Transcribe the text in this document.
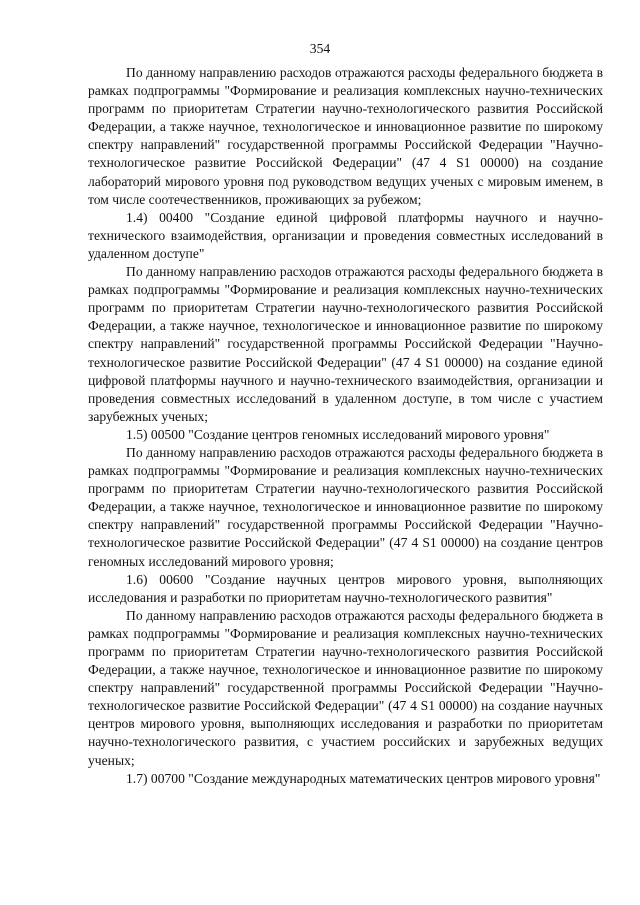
354

По данному направлению расходов отражаются расходы федерального бюджета в рамках подпрограммы "Формирование и реализация комплексных научно-технических программ по приоритетам Стратегии научно-технологического развития Российской Федерации, а также научное, технологическое и инновационное развитие по широкому спектру направлений" государственной программы Российской Федерации "Научно-технологическое развитие Российской Федерации" (47 4 S1 00000) на создание лабораторий мирового уровня под руководством ведущих ученых с мировым именем, в том числе соотечественников, проживающих за рубежом;

1.4) 00400 "Создание единой цифровой платформы научного и научно-технического взаимодействия, организации и проведения совместных исследований в удаленном доступе"

По данному направлению расходов отражаются расходы федерального бюджета в рамках подпрограммы "Формирование и реализация комплексных научно-технических программ по приоритетам Стратегии научно-технологического развития Российской Федерации, а также научное, технологическое и инновационное развитие по широкому спектру направлений" государственной программы Российской Федерации "Научно-технологическое развитие Российской Федерации" (47 4 S1 00000) на создание единой цифровой платформы научного и научно-технического взаимодействия, организации и проведения совместных исследований в удаленном доступе, в том числе с участием зарубежных ученых;

1.5) 00500 "Создание центров геномных исследований мирового уровня"

По данному направлению расходов отражаются расходы федерального бюджета в рамках подпрограммы "Формирование и реализация комплексных научно-технических программ по приоритетам Стратегии научно-технологического развития Российской Федерации, а также научное, технологическое и инновационное развитие по широкому спектру направлений" государственной программы Российской Федерации "Научно-технологическое развитие Российской Федерации" (47 4 S1 00000) на создание центров геномных исследований мирового уровня;

1.6) 00600 "Создание научных центров мирового уровня, выполняющих исследования и разработки по приоритетам научно-технологического развития"

По данному направлению расходов отражаются расходы федерального бюджета в рамках подпрограммы "Формирование и реализация комплексных научно-технических программ по приоритетам Стратегии научно-технологического развития Российской Федерации, а также научное, технологическое и инновационное развитие по широкому спектру направлений" государственной программы Российской Федерации "Научно-технологическое развитие Российской Федерации" (47 4 S1 00000) на создание научных центров мирового уровня, выполняющих исследования и разработки по приоритетам научно-технологического развития, с участием российских и зарубежных ведущих ученых;

1.7) 00700 "Создание международных математических центров мирового уровня"
